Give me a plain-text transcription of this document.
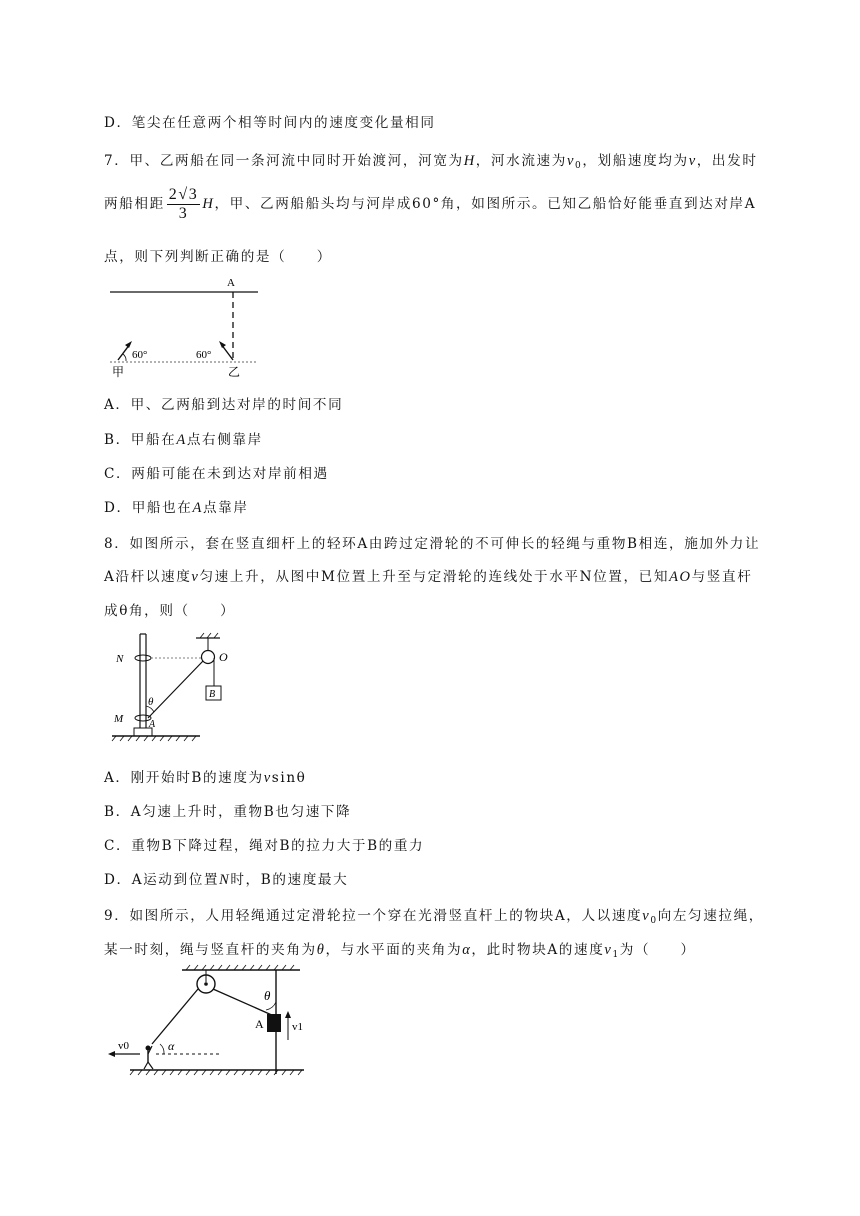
D．笔尖在任意两个相等时间内的速度变化量相同
7．甲、乙两船在同一条河流中同时开始渡河，河宽为H，河水流速为$v_0$，划船速度均为v，出发时
两船相距 $\frac{2√3}{3}$ H，甲、乙两船船头均与河岸成60°角，如图所示。已知乙船恰好能垂直到达对岸A
点，则下列判断正确的是（　　）
A
60°	60°
甲	乙
A．甲、乙两船到达对岸的时间不同
B．甲船在A点右侧靠岸
C．两船可能在未到达对岸前相遇
D．甲船也在A点靠岸
8．如图所示，套在竖直细杆上的轻环A由跨过定滑轮的不可伸长的轻绳与重物B相连，施加外力让
A沿杆以速度v匀速上升，从图中M位置上升至与定滑轮的连线处于水平N位置，已知AO与竖直杆
成θ角，则（　　）
N	O
B
θ
M	A
A．刚开始时B的速度为vsinθ
B．A匀速上升时，重物B也匀速下降
C．重物B下降过程，绳对B的拉力大于B的重力
D．A运动到位置N时，B的速度最大
9．如图所示，人用轻绳通过定滑轮拉一个穿在光滑竖直杆上的物块A，人以速度$v_0$向左匀速拉绳，
某一时刻，绳与竖直杆的夹角为θ，与水平面的夹角为α，此时物块A的速度$v_1$为（　　）
θ
A	v1
α
v0
